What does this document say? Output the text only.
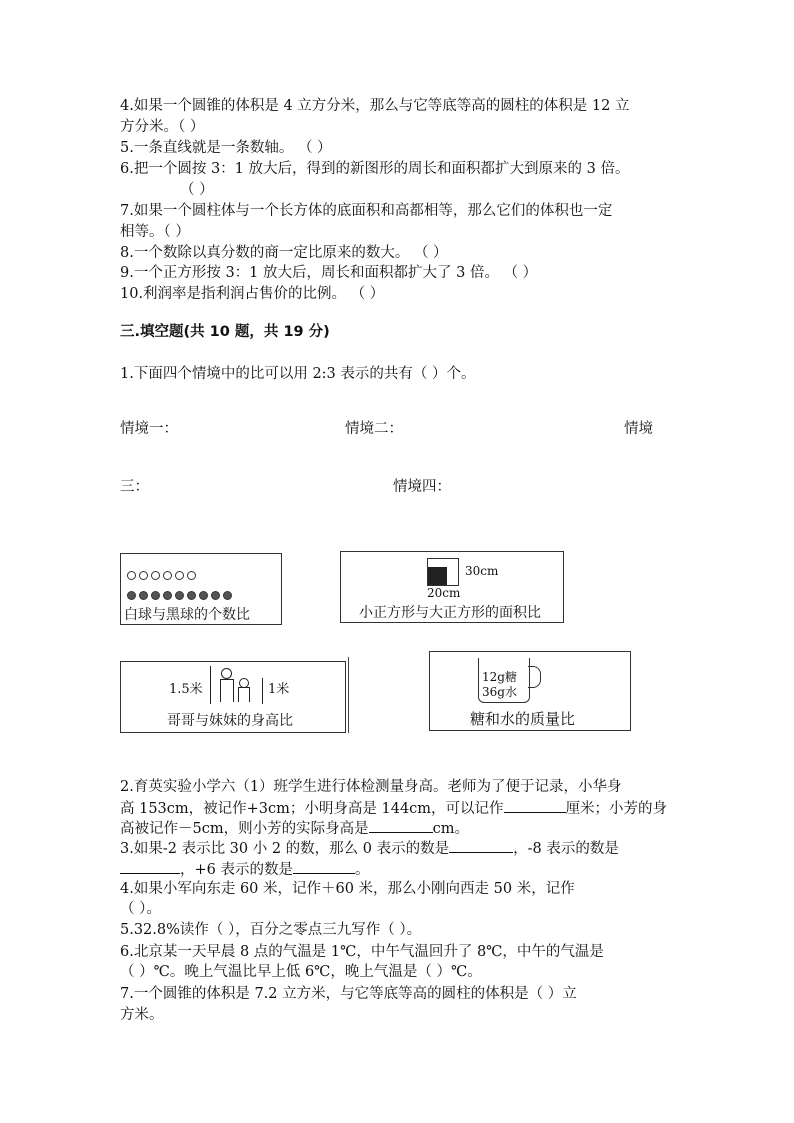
4.如果一个圆锥的体积是 4 立方分米，那么与它等底等高的圆柱的体积是 12 立
方分米。（ ）
5.一条直线就是一条数轴。 （ ）
6.把一个圆按 3：1 放大后，得到的新图形的周长和面积都扩大到原来的 3 倍。
（ ）
7.如果一个圆柱体与一个长方体的底面积和高都相等，那么它们的体积也一定
相等。（ ）
8.一个数除以真分数的商一定比原来的数大。 （ ）
9.一个正方形按 3：1 放大后，周长和面积都扩大了 3 倍。 （ ）
10.利润率是指利润占售价的比例。 （ ）
三.填空题(共 10 题，共 19 分)
1.下面四个情境中的比可以用 2:3 表示的共有（ ）个。
情境一：	情境二：	情境
三：	情境四：
白球与黑球的个数比
30cm
20cm
小正方形与大正方形的面积比
1.5米	1米
哥哥与妹妹的身高比
12g糖
36g水
糖和水的质量比
2.育英实验小学六（1）班学生进行体检测量身高。老师为了便于记录，小华身
高 153cm，被记作+3cm；小明身高是 144cm，可以记作	厘米；小芳的身
高被记作－5cm，则小芳的实际身高是	cm。
3.如果-2 表示比 30 小 2 的数，那么 0 表示的数是	，-8 表示的数是
，+6 表示的数是	。
4.如果小军向东走 60 米，记作＋60 米，那么小刚向西走 50 米，记作
（ ）。
5.32.8%读作（ ），百分之零点三九写作（ ）。
6.北京某一天早晨 8 点的气温是 1℃，中午气温回升了 8℃，中午的气温是
（ ）℃。晚上气温比早上低 6℃，晚上气温是（ ）℃。
7.一个圆锥的体积是 7.2 立方米，与它等底等高的圆柱的体积是（ ）立
方米。
